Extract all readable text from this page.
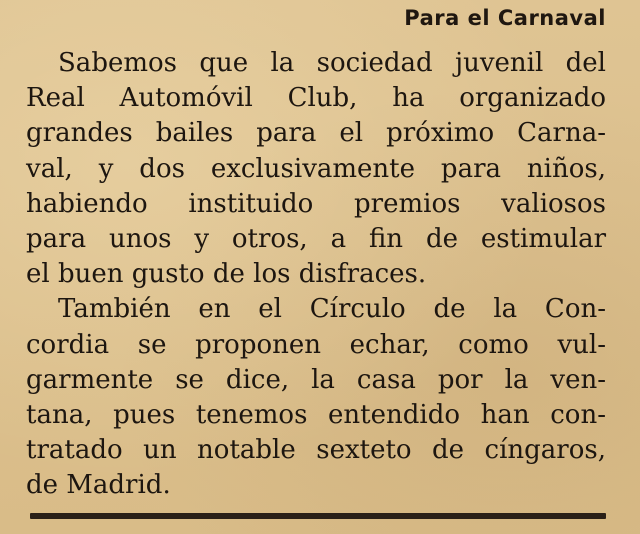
Para el Carnaval

Sabemos que la sociedad juvenil del
Real Automóvil Club, ha organizado
grandes bailes para el próximo Carna-
val, y dos exclusivamente para niños,
habiendo instituido premios valiosos
para unos y otros, a fin de estimular
el buen gusto de los disfraces.

También en el Círculo de la Con-
cordia se proponen echar, como vul-
garmente se dice, la casa por la ven-
tana, pues tenemos entendido han con-
tratado un notable sexteto de cíngaros,
de Madrid.
